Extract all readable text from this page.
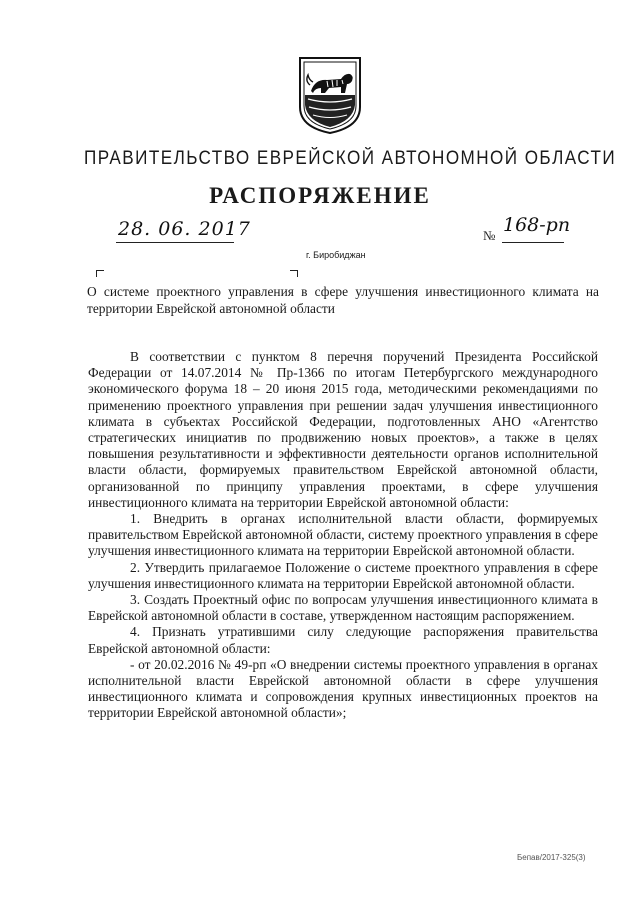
ПРАВИТЕЛЬСТВО ЕВРЕЙСКОЙ АВТОНОМНОЙ ОБЛАСТИ
РАСПОРЯЖЕНИЕ
28. 06. 2017	№ 168-рп
г. Биробиджан
О системе проектного управления в сфере улучшения инвестиционного климата на территории Еврейской автономной области

В соответствии с пунктом 8 перечня поручений Президента Российской Федерации от 14.07.2014 № Пр-1366 по итогам Петербургского международного экономического форума 18 – 20 июня 2015 года, методическими рекомендациями по применению проектного управления при решении задач улучшения инвестиционного климата в субъектах Российской Федерации, подготовленных АНО «Агентство стратегических инициатив по продвижению новых проектов», а также в целях повышения результативности и эффективности деятельности органов исполнительной власти области, формируемых правительством Еврейской автономной области, организованной по принципу управления проектами, в сфере улучшения инвестиционного климата на территории Еврейской автономной области:

1. Внедрить в органах исполнительной власти области, формируемых правительством Еврейской автономной области, систему проектного управления в сфере улучшения инвестиционного климата на территории Еврейской автономной области.

2. Утвердить прилагаемое Положение о системе проектного управления в сфере улучшения инвестиционного климата на территории Еврейской автономной области.

3. Создать Проектный офис по вопросам улучшения инвестиционного климата в Еврейской автономной области в составе, утвержденном настоящим распоряжением.

4. Признать утратившими силу следующие распоряжения правительства Еврейской автономной области:

- от 20.02.2016 № 49-рп «О внедрении системы проектного управления в органах исполнительной власти Еврейской автономной области в сфере улучшения инвестиционного климата и сопровождения крупных инвестиционных проектов на территории Еврейской автономной области»;

Бепав/2017-325(3)
